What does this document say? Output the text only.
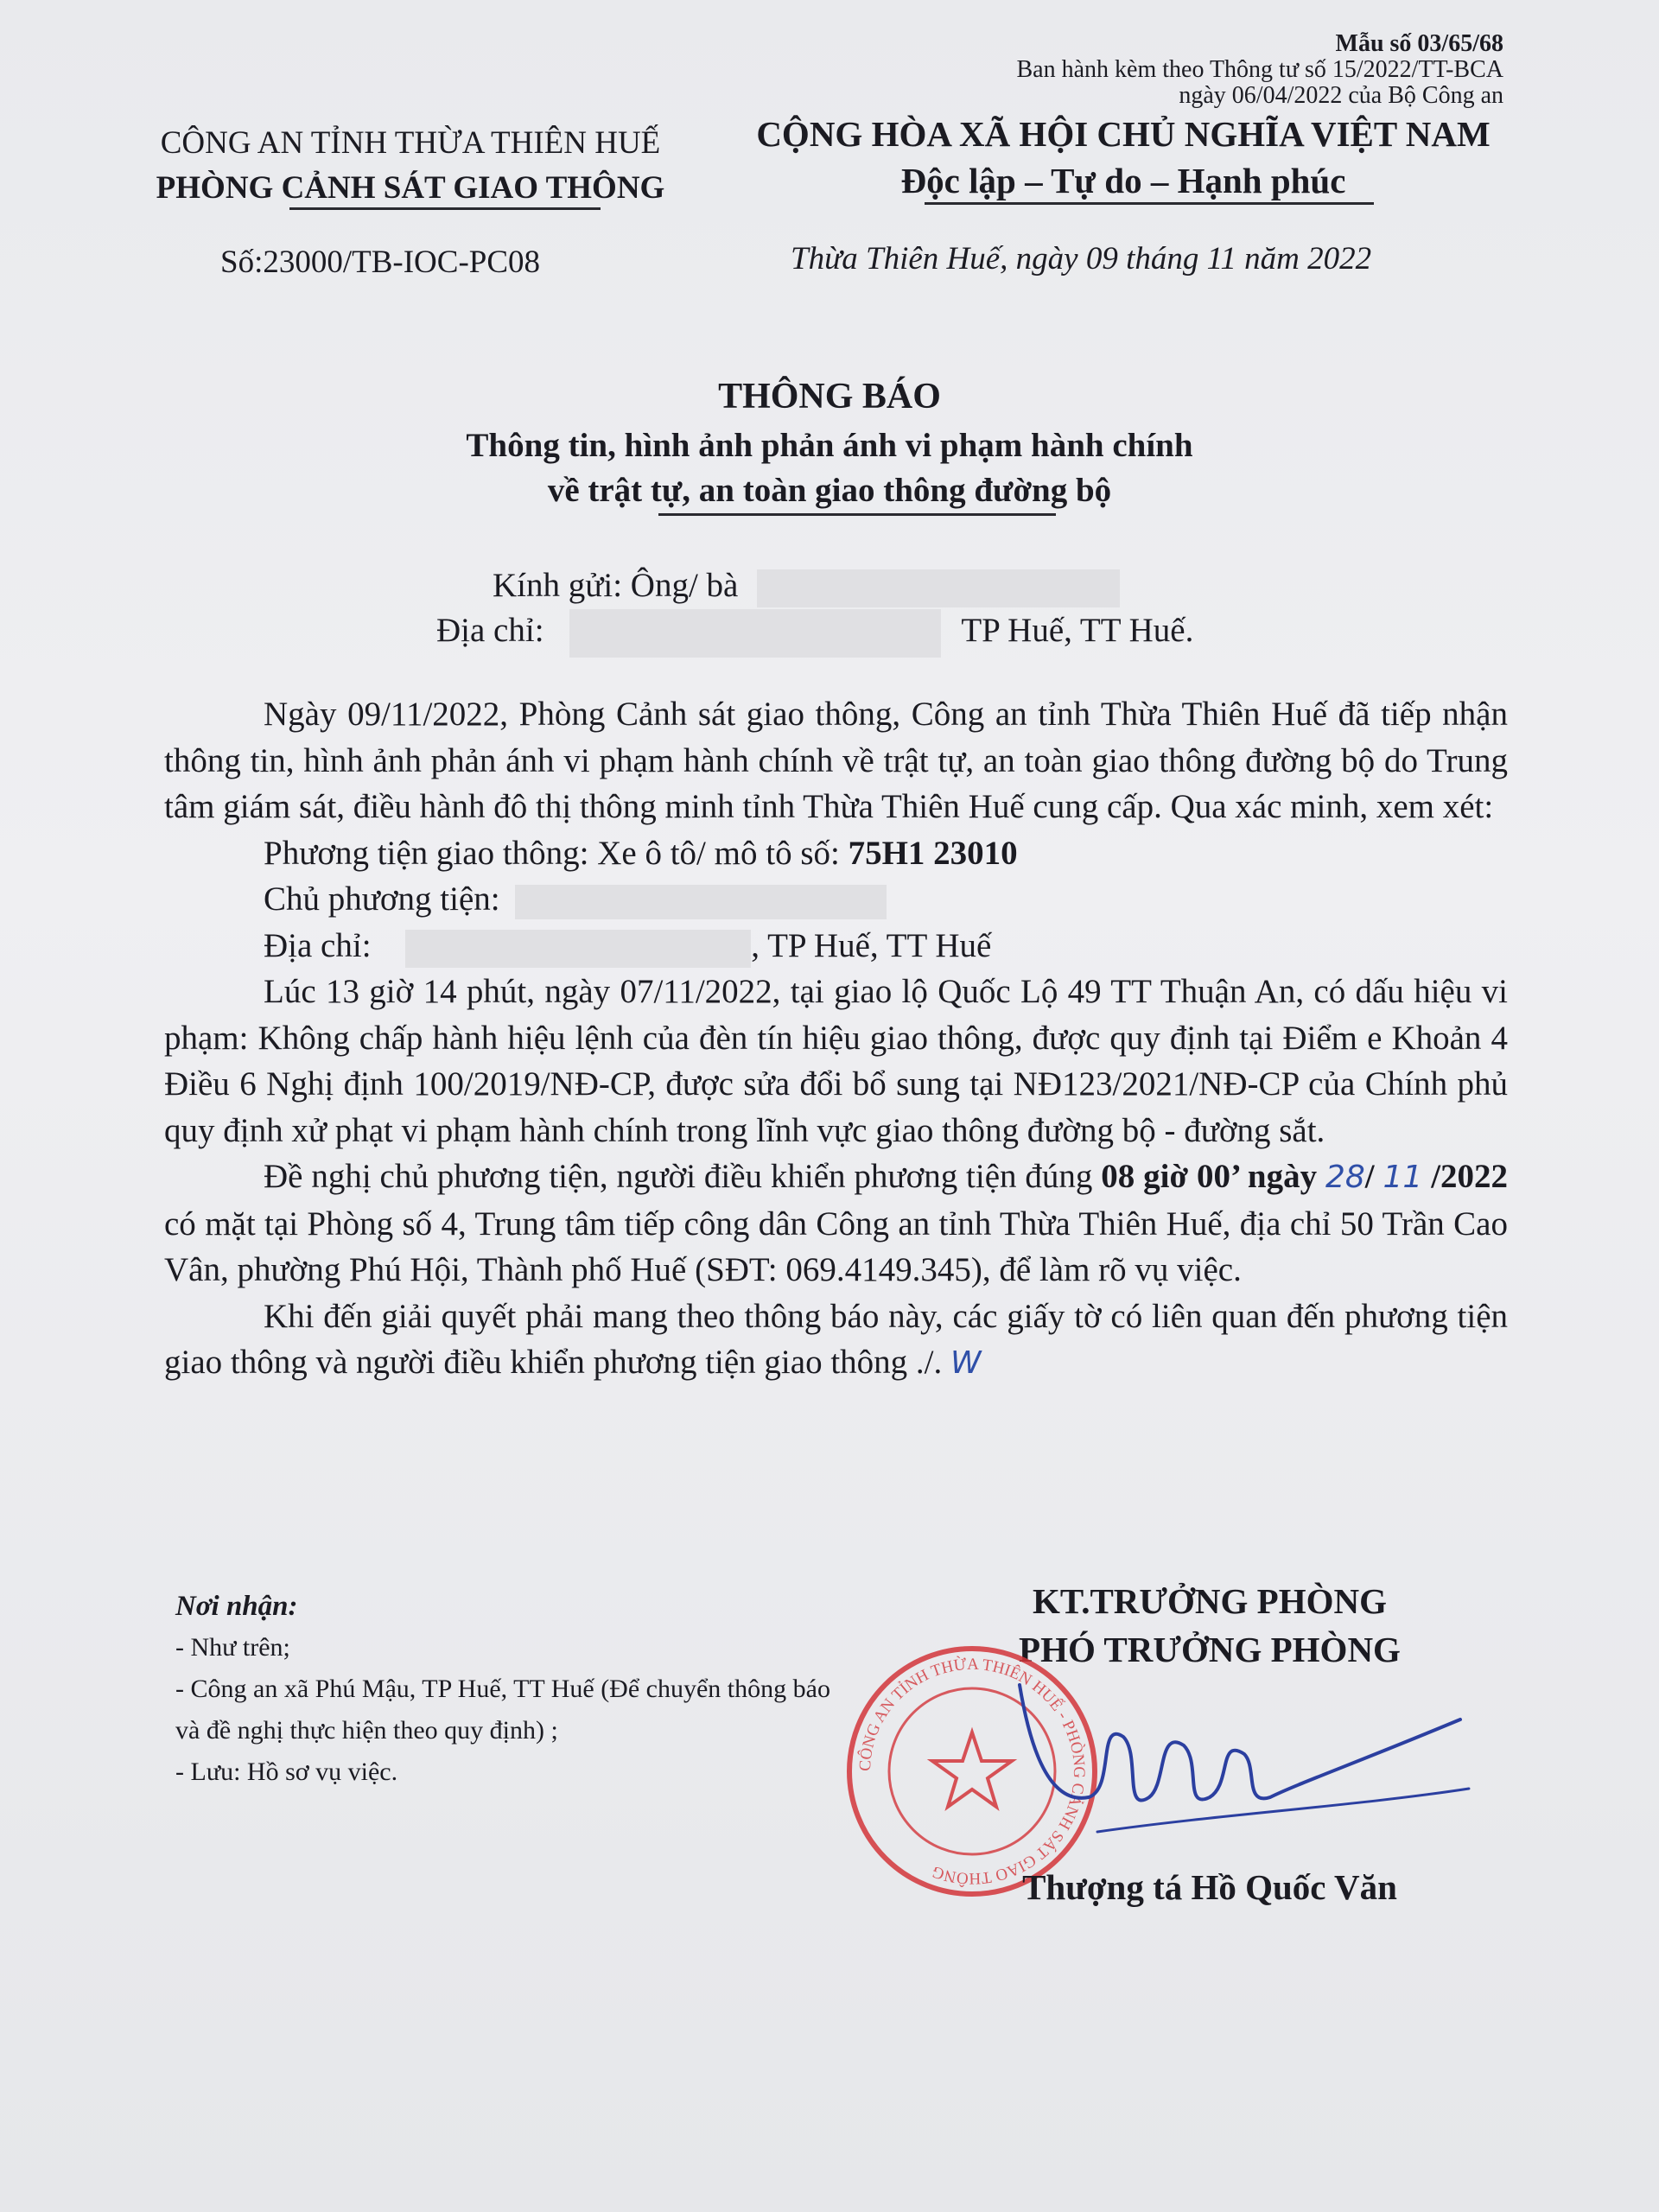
Mẫu số 03/65/68
Ban hành kèm theo Thông tư số 15/2022/TT-BCA
ngày 06/04/2022 của Bộ Công an
CÔNG AN TỈNH THỪA THIÊN HUẾ
PHÒNG CẢNH SÁT GIAO THÔNG
CỘNG HÒA XÃ HỘI CHỦ NGHĨA VIỆT NAM
Độc lập – Tự do – Hạnh phúc
Số:23000/TB-IOC-PC08	Thừa Thiên Huế, ngày 09 tháng 11 năm 2022
THÔNG BÁO
Thông tin, hình ảnh phản ánh vi phạm hành chính
về trật tự, an toàn giao thông đường bộ
Kính gửi: Ông/ bà
Địa chỉ:	TP Huế, TT Huế.

Ngày 09/11/2022, Phòng Cảnh sát giao thông, Công an tỉnh Thừa Thiên Huế đã tiếp nhận thông tin, hình ảnh phản ánh vi phạm hành chính về trật tự, an toàn giao thông đường bộ do Trung tâm giám sát, điều hành đô thị thông minh tỉnh Thừa Thiên Huế cung cấp. Qua xác minh, xem xét:

Phương tiện giao thông: Xe ô tô/ mô tô số: 75H1 23010

Chủ phương tiện:

Địa chỉ:	, TP Huế, TT Huế

Lúc 13 giờ 14 phút, ngày 07/11/2022, tại giao lộ Quốc Lộ 49 TT Thuận An, có dấu hiệu vi phạm: Không chấp hành hiệu lệnh của đèn tín hiệu giao thông, được quy định tại Điểm e Khoản 4 Điều 6 Nghị định 100/2019/NĐ-CP, được sửa đổi bổ sung tại NĐ123/2021/NĐ-CP của Chính phủ quy định xử phạt vi phạm hành chính trong lĩnh vực giao thông đường bộ - đường sắt.

Đề nghị chủ phương tiện, người điều khiển phương tiện đúng 08 giờ 00’ ngày 28/ 11 /2022 có mặt tại Phòng số 4, Trung tâm tiếp công dân Công an tỉnh Thừa Thiên Huế, địa chỉ 50 Trần Cao Vân, phường Phú Hội, Thành phố Huế (SĐT: 069.4149.345), để làm rõ vụ việc.

Khi đến giải quyết phải mang theo thông báo này, các giấy tờ có liên quan đến phương tiện giao thông và người điều khiển phương tiện giao thông ./. W

Nơi nhận:
- Như trên;
- Công an xã Phú Mậu, TP Huế, TT Huế (Để chuyển thông báo và đề nghị thực hiện theo quy định) ;
- Lưu: Hồ sơ vụ việc.
KT.TRƯỞNG PHÒNG
PHÓ TRƯỞNG PHÒNG
CÔNG AN TỈNH THỪA THIÊN HUẾ - PHÒNG CẢNH SÁT GIAO THÔNG	Thượng tá Hồ Quốc Văn
